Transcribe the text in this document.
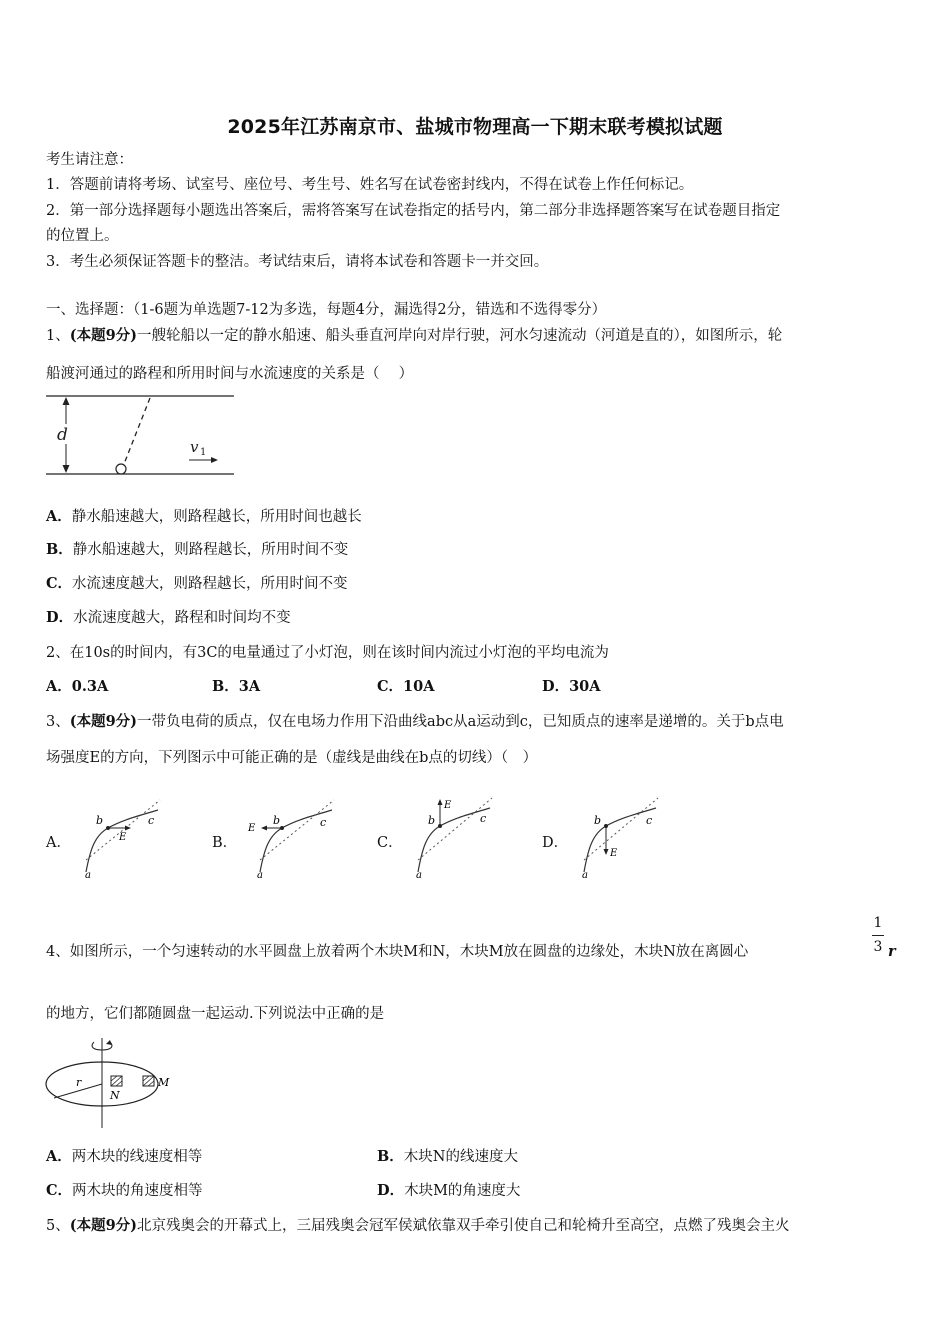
2025年江苏南京市、盐城市物理高一下期末联考模拟试题
考生请注意：
1．答题前请将考场、试室号、座位号、考生号、姓名写在试卷密封线内，不得在试卷上作任何标记。
2．第一部分选择题每小题选出答案后，需将答案写在试卷指定的括号内，第二部分非选择题答案写在试卷题目指定
的位置上。
3．考生必须保证答题卡的整洁。考试结束后，请将本试卷和答题卡一并交回。
一、选择题：（1-6题为单选题7-12为多选，每题4分，漏选得2分，错选和不选得零分）
1、(本题9分)一艘轮船以一定的静水船速、船头垂直河岸向对岸行驶，河水匀速流动（河道是直的），如图所示，轮
船渡河通过的路程和所用时间与水流速度的关系是（　 ）
d
v 1
A．静水船速越大，则路程越长，所用时间也越长
B．静水船速越大，则路程越长，所用时间不变
C．水流速度越大，则路程越长，所用时间不变
D．水流速度越大，路程和时间均不变
2、在10s的时间内，有3C的电量通过了小灯泡，则在该时间内流过小灯泡的平均电流为
A．0.3A	B．3A	C．10A	D．30A
3、(本题9分)一带负电荷的质点，仅在电场力作用下沿曲线abc从a运动到c，已知质点的速率是递增的。关于b点电
场强度E的方向，下列图示中可能正确的是（虚线是曲线在b点的切线）（　）
A．
b
E
c
a
B．
E
b	c
a
C．
E
b	c
a
D．
E
b	c
a
4、如图所示，一个匀速转动的水平圆盘上放着两个木块M和N，木块M放在圆盘的边缘处，木块N放在离圆心
1
3 r
的地方，它们都随圆盘一起运动.下列说法中正确的是
r
N
M
A．两木块的线速度相等	B．木块N的线速度大
C．两木块的角速度相等	D．木块M的角速度大
5、(本题9分)北京残奥会的开幕式上，三届残奥会冠军侯斌依靠双手牵引使自己和轮椅升至高空，点燃了残奥会主火
